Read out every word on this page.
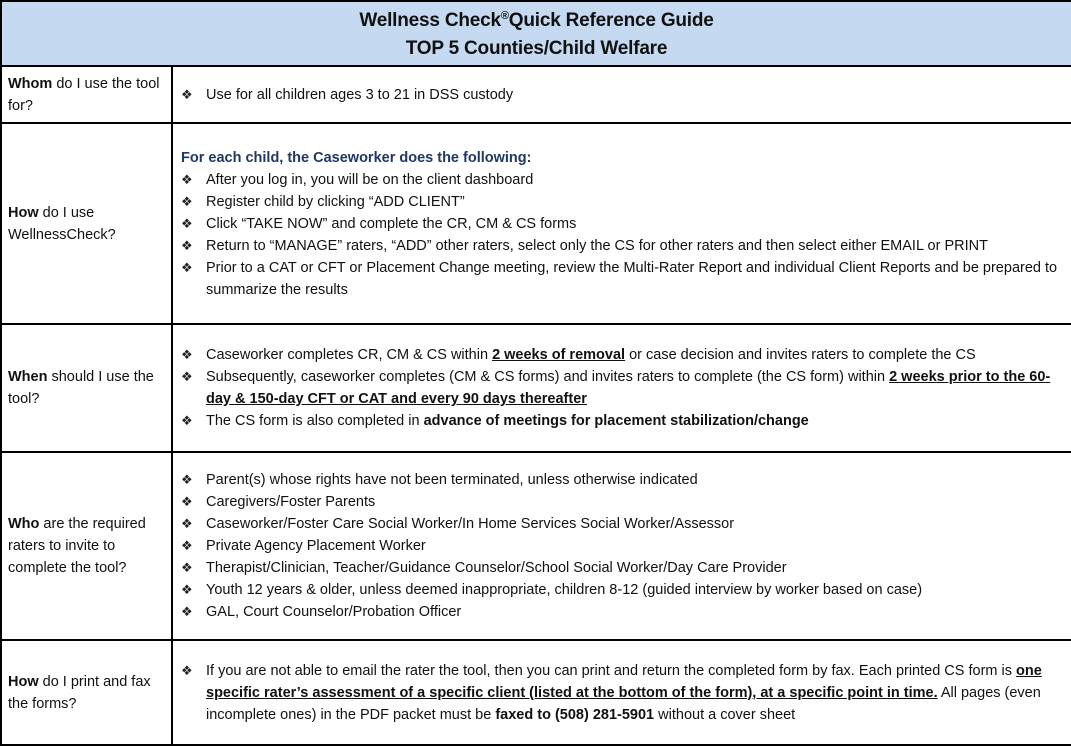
Wellness Check®Quick Reference Guide
TOP 5 Counties/Child Welfare
Whom do I use the tool for?
❖ Use for all children ages 3 to 21 in DSS custody
How do I use WellnessCheck?
For each child, the Caseworker does the following:
❖ After you log in, you will be on the client dashboard
❖ Register child by clicking “ADD CLIENT”
❖ Click “TAKE NOW” and complete the CR, CM & CS forms
❖ Return to “MANAGE” raters, “ADD” other raters, select only the CS for other raters and then select either EMAIL or PRINT
❖ Prior to a CAT or CFT or Placement Change meeting, review the Multi-Rater Report and individual Client Reports and be prepared to summarize the results
When should I use the tool?
❖ Caseworker completes CR, CM & CS within 2 weeks of removal or case decision and invites raters to complete the CS
❖ Subsequently, caseworker completes (CM & CS forms) and invites raters to complete (the CS form) within 2 weeks prior to the 60-day & 150-day CFT or CAT and every 90 days thereafter
❖ The CS form is also completed in advance of meetings for placement stabilization/change
Who are the required raters to invite to complete the tool?
❖ Parent(s) whose rights have not been terminated, unless otherwise indicated
❖ Caregivers/Foster Parents
❖ Caseworker/Foster Care Social Worker/In Home Services Social Worker/Assessor
❖ Private Agency Placement Worker
❖ Therapist/Clinician, Teacher/Guidance Counselor/School Social Worker/Day Care Provider
❖ Youth 12 years & older, unless deemed inappropriate, children 8-12 (guided interview by worker based on case)
❖ GAL, Court Counselor/Probation Officer
How do I print and fax the forms?
❖ If you are not able to email the rater the tool, then you can print and return the completed form by fax. Each printed CS form is one specific rater’s assessment of a specific client (listed at the bottom of the form), at a specific point in time. All pages (even incomplete ones) in the PDF packet must be faxed to (508) 281-5901 without a cover sheet
